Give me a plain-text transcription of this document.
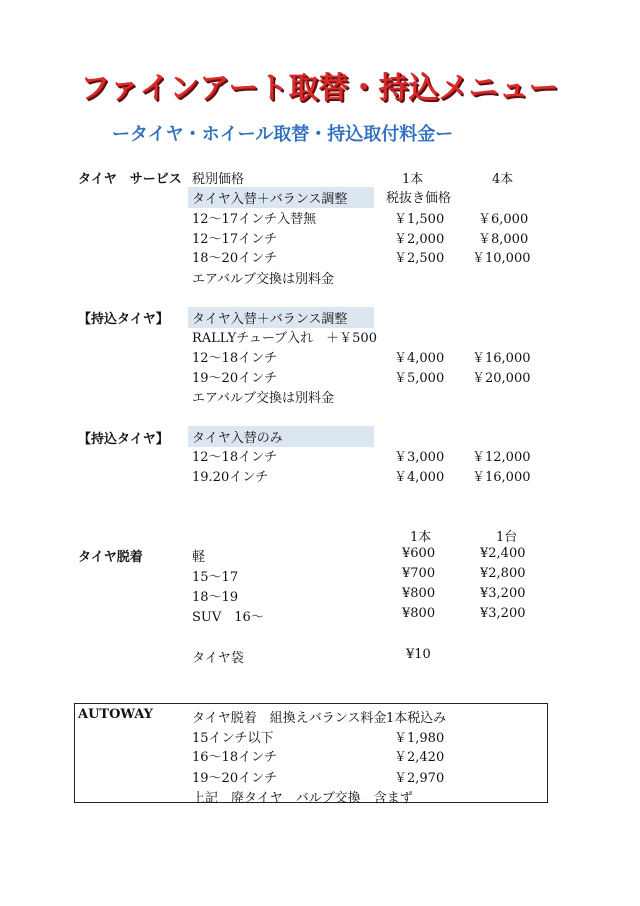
ファインアート取替・持込メニュー
ータイヤ・ホイール取替・持込取付料金ー
タイヤ　サービス 税別価格	1本	4本
タイヤ入替＋バランス調整	税抜き価格
12～17インチ入替無	￥1,500	￥6,000
12～17インチ	￥2,000	￥8,000
18～20インチ	￥2,500 ￥10,000
エアバルブ交換は別料金
【持込タイヤ】	タイヤ入替＋バランス調整
RALLYチューブ入れ　＋￥500
12～18インチ	￥4,000 ￥16,000
19～20インチ	￥5,000 ￥20,000
エアバルブ交換は別料金
【持込タイヤ】	タイヤ入替のみ
12～18インチ	￥3,000 ￥12,000
19.20インチ	￥4,000 ￥16,000
1本	1台
タイヤ脱着	軽	¥600	¥2,400
15～17	¥700	¥2,800
18～19	¥800	¥3,200
SUV　16～	¥800	¥3,200
タイヤ袋	¥10
AUTOWAY	タイヤ脱着　組換えバランス料金 1本税込み
15インチ以下	￥1,980
16～18インチ	￥2,420
19～20インチ	￥2,970
上記　廃タイヤ　バルブ交換　含まず
